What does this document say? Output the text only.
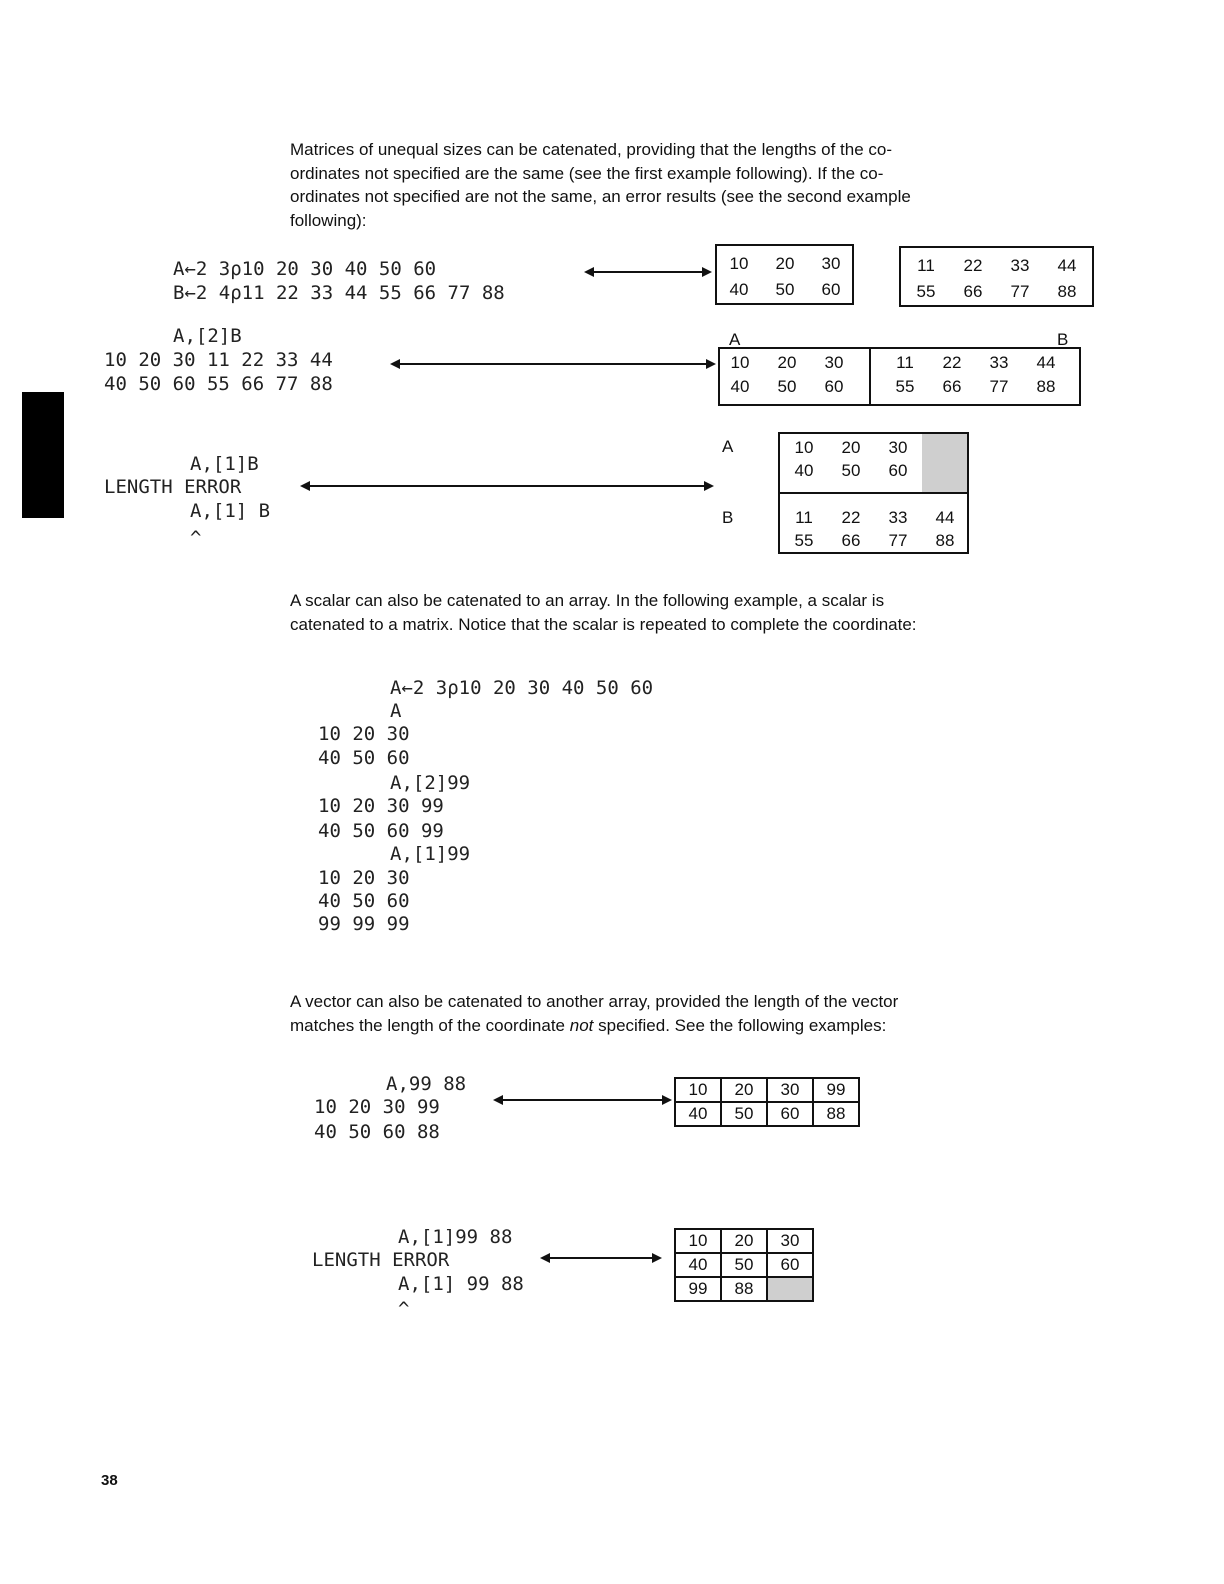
Matrices of unequal sizes can be catenated, providing that the lengths of the co-ordinates not specified are the same (see the first example following). If the co-ordinates not specified are not the same, an error results (see the second example following):

A←2 3⍴10 20 30 40 50 60
B←2 4⍴11 22 33 44 55 66 77 88
10	20	30
40	50	60
11	22	33	44
55	66	77	88
A,[2]B
10 20 30 11 22 33 44
40 50 60 55 66 77 88
A	B
10	20	30
40	50	60
11	22	33	44
55	66	77	88
A,[1]B
LENGTH ERROR
A,[1] B
^
A
B
10	20	30
40	50	60
11	22	33	44
55	66	77	88

A scalar can also be catenated to an array. In the following example, a scalar is catenated to a matrix. Notice that the scalar is repeated to complete the coordinate:

A←2 3⍴10 20 30 40 50 60
A
10 20 30
40 50 60
A,[2]99
10 20 30 99
40 50 60 99
A,[1]99
10 20 30
40 50 60
99 99 99

A vector can also be catenated to another array, provided the length of the vector matches the length of the coordinate not specified. See the following examples:

A,99 88
10 20 30 99
40 50 60 88
10	20	30	99
40	50	60	88
A,[1]99 88
LENGTH ERROR
A,[1] 99 88
^
10	20	30
40	50	60
99	88	
38
